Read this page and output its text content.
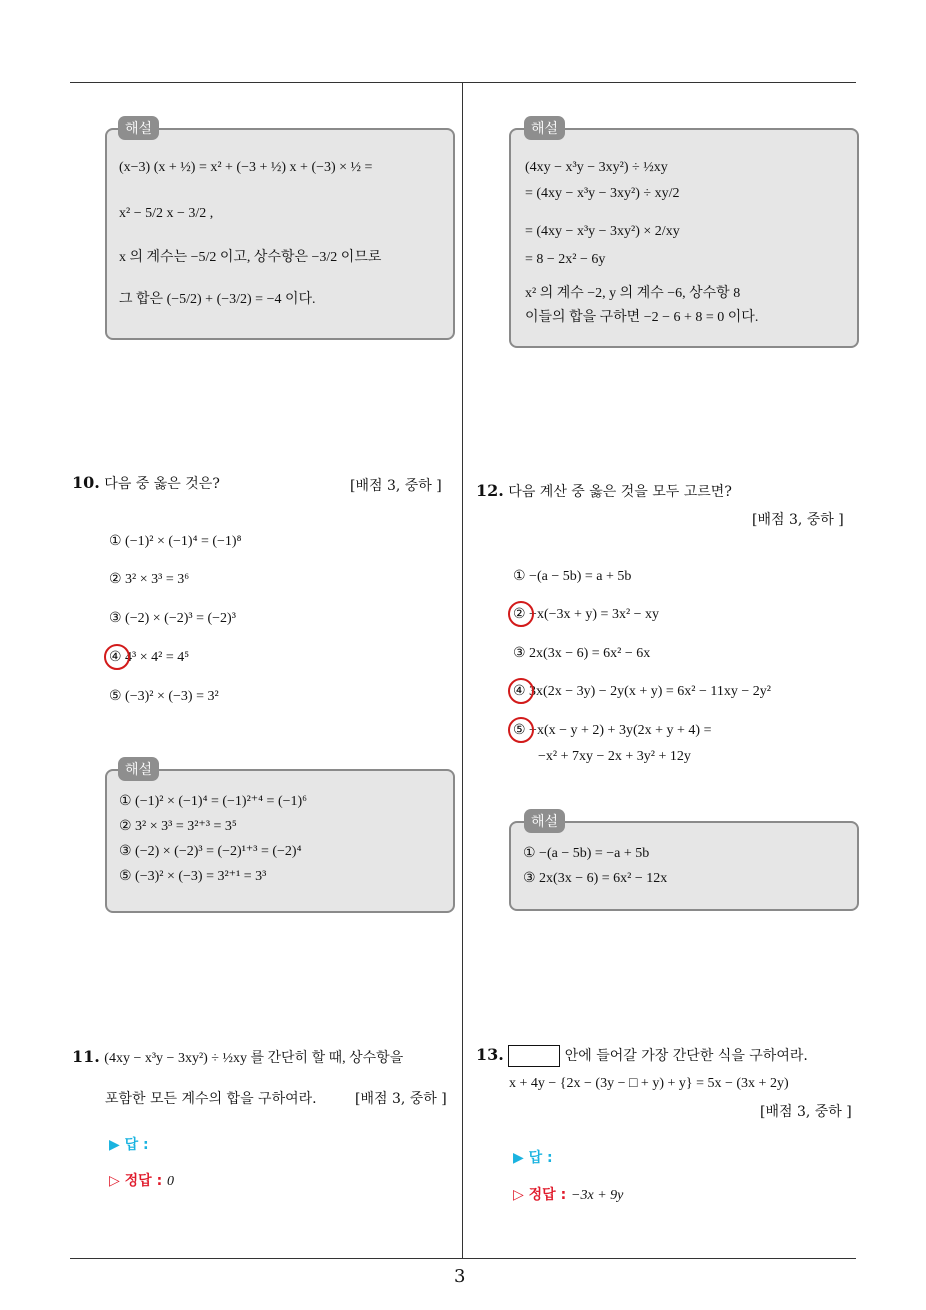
(x−3) (x + ½) = x² + (−3 + ½) x + (−3) × ½ =
x² − 5/2 x − 3/2 ,
x 의 계수는 −5/2 이고, 상수항은 −3/2 이므로
그 합은 (−5/2) + (−3/2) = −4 이다.
해설
(4xy − x³y − 3xy²) ÷ ½xy
= (4xy − x³y − 3xy²) ÷ xy/2
= (4xy − x³y − 3xy²) × 2/xy
= 8 − 2x² − 6y
x² 의 계수 −2, y 의 계수 −6, 상수항 8
이들의 합을 구하면 −2 − 6 + 8 = 0 이다.
해설
10. 다음 중 옳은 것은?	[배점 3, 중하 ]
① (−1)² × (−1)⁴ = (−1)⁸
② 3² × 3³ = 3⁶
③ (−2) × (−2)³ = (−2)³
④ 4³ × 4² = 4⁵
⑤ (−3)² × (−3) = 3²
① (−1)² × (−1)⁴ = (−1)²⁺⁴ = (−1)⁶
② 3² × 3³ = 3²⁺³ = 3⁵
③ (−2) × (−2)³ = (−2)¹⁺³ = (−2)⁴
⑤ (−3)² × (−3) = 3²⁺¹ = 3³
해설
11. (4xy − x³y − 3xy²) ÷ ½xy 를 간단히 할 때, 상수항을
포함한 모든 계수의 합을 구하여라.	[배점 3, 중하 ]
▶ 답 :
▷ 정답 : 0
12. 다음 계산 중 옳은 것을 모두 고르면?
[배점 3, 중하 ]
① −(a − 5b) = a + 5b
② −x(−3x + y) = 3x² − xy
③ 2x(3x − 6) = 6x² − 6x
④ 3x(2x − 3y) − 2y(x + y) = 6x² − 11xy − 2y²
⑤ −x(x − y + 2) + 3y(2x + y + 4) =
−x² + 7xy − 2x + 3y² + 12y
① −(a − 5b) = −a + 5b
③ 2x(3x − 6) = 6x² − 12x
해설
13.	안에 들어갈 가장 간단한 식을 구하여라.
x + 4y − {2x − (3y − □ + y) + y} = 5x − (3x + 2y)
[배점 3, 중하 ]
▶ 답 :
▷ 정답 : −3x + 9y
3
